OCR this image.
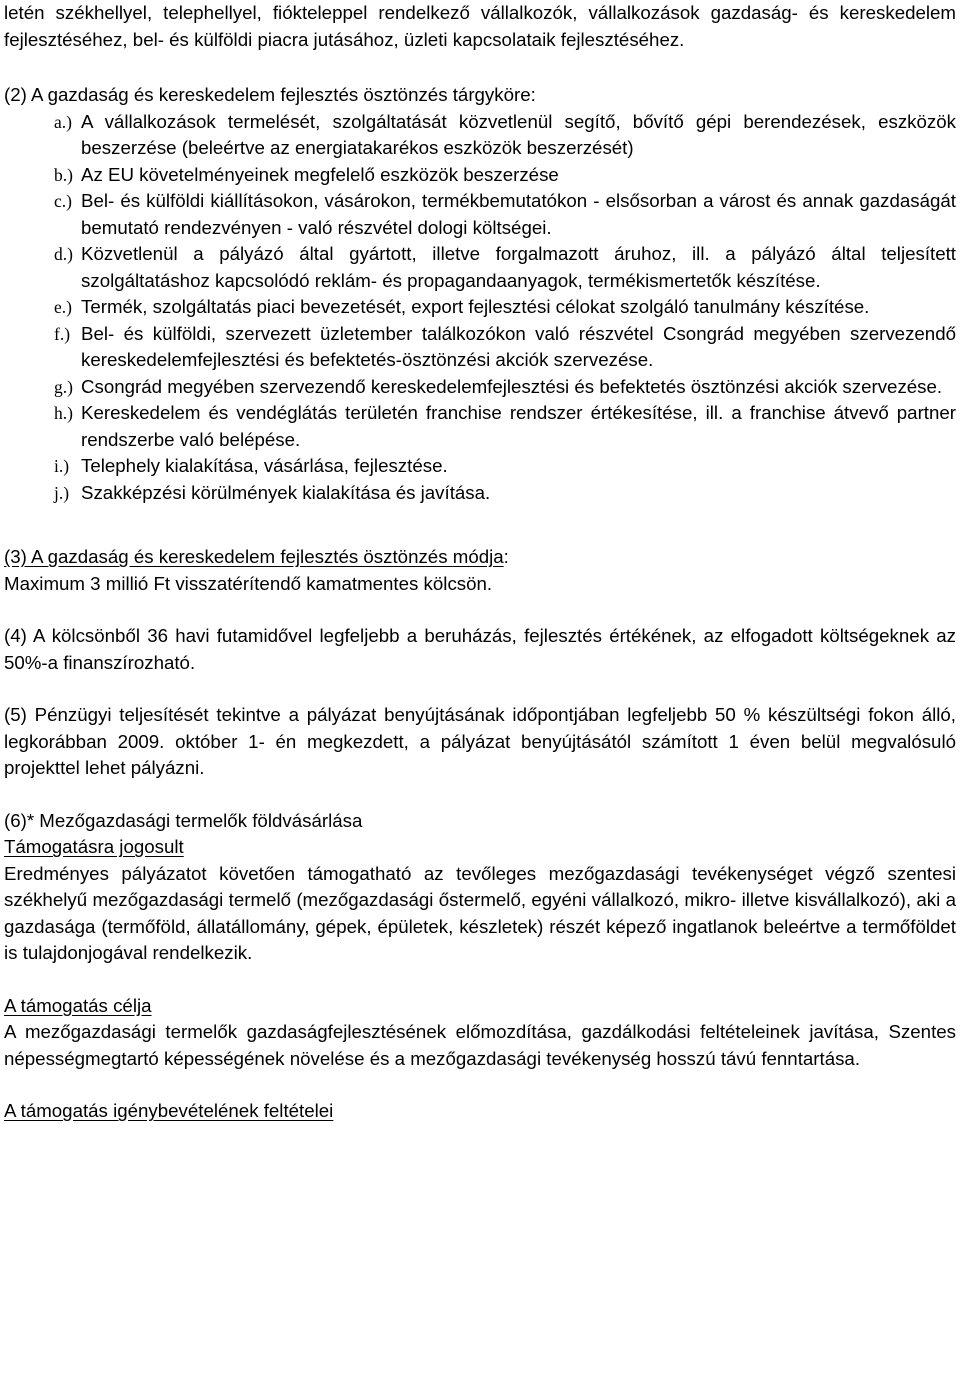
letén székhellyel, telephellyel, fiókteleppel rendelkező vállalkozók, vállalkozások gazdaság- és kereskedelem fejlesztéséhez, bel- és külföldi piacra jutásához, üzleti kapcsolataik fejlesztéséhez.

(2) A gazdaság és kereskedelem fejlesztés ösztönzés tárgyköre:

a.) A vállalkozások termelését, szolgáltatását közvetlenül segítő, bővítő gépi berendezések, eszközök beszerzése (beleértve az energiatakarékos eszközök beszerzését)
b.) Az EU követelményeinek megfelelő eszközök beszerzése
c.) Bel- és külföldi kiállításokon, vásárokon, termékbemutatókon - elsősorban a várost és annak gazdaságát bemutató rendezvényen - való részvétel dologi költségei.
d.) Közvetlenül a pályázó által gyártott, illetve forgalmazott áruhoz, ill. a pályázó által teljesített szolgáltatáshoz kapcsolódó reklám- és propagandaanyagok, termékismertetők készítése.
e.) Termék, szolgáltatás piaci bevezetését, export fejlesztési célokat szolgáló tanulmány készítése.
f.) Bel- és külföldi, szervezett üzletember találkozókon való részvétel Csongrád megyében szervezendő kereskedelemfejlesztési és befektetés-ösztönzési akciók szervezése.
g.) Csongrád megyében szervezendő kereskedelemfejlesztési és befektetés ösztönzési akciók szervezése.
h.) Kereskedelem és vendéglátás területén franchise rendszer értékesítése, ill. a franchise átvevő partner rendszerbe való belépése.
i.) Telephely kialakítása, vásárlása, fejlesztése.
j.) Szakképzési körülmények kialakítása és javítása.

(3) A gazdaság és kereskedelem fejlesztés ösztönzés módja:

Maximum 3 millió Ft visszatérítendő kamatmentes kölcsön.

(4) A kölcsönből 36 havi futamidővel legfeljebb a beruházás, fejlesztés értékének, az elfogadott költségeknek az 50%-a finanszírozható.

(5) Pénzügyi teljesítését tekintve a pályázat benyújtásának időpontjában legfeljebb 50 % készültségi fokon álló, legkorábban 2009. október 1- én megkezdett, a pályázat benyújtásától számított 1 éven belül megvalósuló projekttel lehet pályázni.

(6)* Mezőgazdasági termelők földvásárlása

Támogatásra jogosult

Eredményes pályázatot követően támogatható az tevőleges mezőgazdasági tevékenységet végző szentesi székhelyű mezőgazdasági termelő (mezőgazdasági őstermelő, egyéni vállalkozó, mikro- illetve kisvállalkozó), aki a gazdasága (termőföld, állatállomány, gépek, épületek, készletek) részét képező ingatlanok beleértve a termőföldet is tulajdonjogával rendelkezik.

A támogatás célja

A mezőgazdasági termelők gazdaságfejlesztésének előmozdítása, gazdálkodási feltételeinek javítása, Szentes népességmegtartó képességének növelése és a mezőgazdasági tevékenység hosszú távú fenntartása.

A támogatás igénybevételének feltételei
